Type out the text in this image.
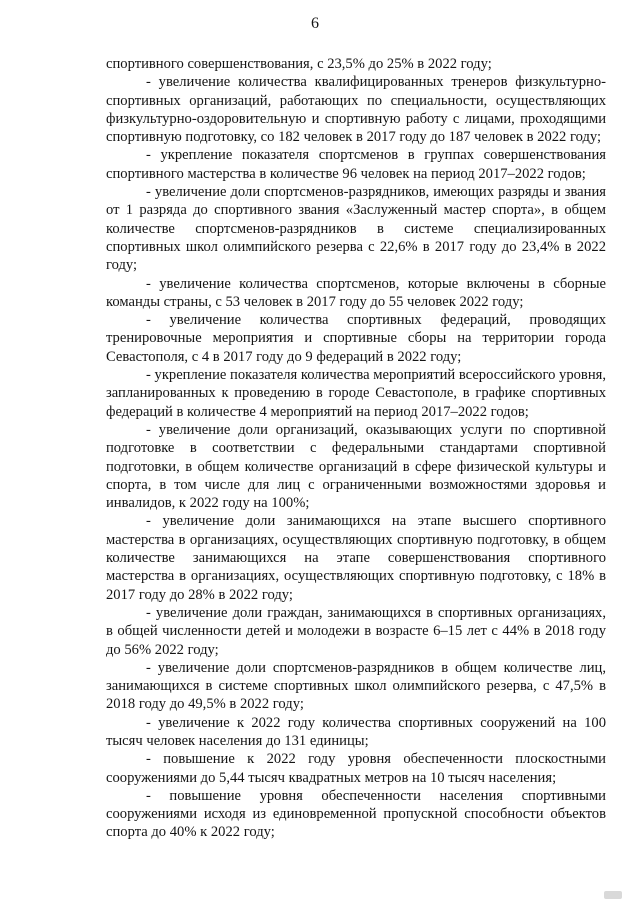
6

спортивного совершенствования, с 23,5% до 25% в 2022 году;

- увеличение количества квалифицированных тренеров физкультурно-спортивных организаций, работающих по специальности, осуществляющих физкультурно-оздоровительную и спортивную работу с лицами, проходящими спортивную подготовку, со 182 человек в 2017 году до 187 человек в 2022 году;

- укрепление показателя спортсменов в группах совершенствования спортивного мастерства в количестве 96 человек на период 2017–2022 годов;

- увеличение доли спортсменов-разрядников, имеющих разряды и звания от 1 разряда до спортивного звания «Заслуженный мастер спорта», в общем количестве спортсменов-разрядников в системе специализированных спортивных школ олимпийского резерва с 22,6% в 2017 году до 23,4% в 2022 году;

- увеличение количества спортсменов, которые включены в сборные команды страны, с 53 человек в 2017 году до 55 человек 2022 году;

- увеличение количества спортивных федераций, проводящих тренировочные мероприятия и спортивные сборы на территории города Севастополя, с 4 в 2017 году до 9 федераций в 2022 году;

- укрепление показателя количества мероприятий всероссийского уровня, запланированных к проведению в городе Севастополе, в графике спортивных федераций в количестве 4 мероприятий на период 2017–2022 годов;

- увеличение доли организаций, оказывающих услуги по спортивной подготовке в соответствии с федеральными стандартами спортивной подготовки, в общем количестве организаций в сфере физической культуры и спорта, в том числе для лиц с ограниченными возможностями здоровья и инвалидов, к 2022 году на 100%;

- увеличение доли занимающихся на этапе высшего спортивного мастерства в организациях, осуществляющих спортивную подготовку, в общем количестве занимающихся на этапе совершенствования спортивного мастерства в организациях, осуществляющих спортивную подготовку, с 18% в 2017 году до 28% в 2022 году;

- увеличение доли граждан, занимающихся в спортивных организациях, в общей численности детей и молодежи в возрасте 6–15 лет с 44% в 2018 году до 56% 2022 году;

- увеличение доли спортсменов-разрядников в общем количестве лиц, занимающихся в системе спортивных школ олимпийского резерва, с 47,5% в 2018 году до 49,5% в 2022 году;

- увеличение к 2022 году количества спортивных сооружений на 100 тысяч человек населения до 131 единицы;

- повышение к 2022 году уровня обеспеченности плоскостными сооружениями до 5,44 тысяч квадратных метров на 10 тысяч населения;

- повышение уровня обеспеченности населения спортивными сооружениями исходя из единовременной пропускной способности объектов спорта до 40% к 2022 году;
